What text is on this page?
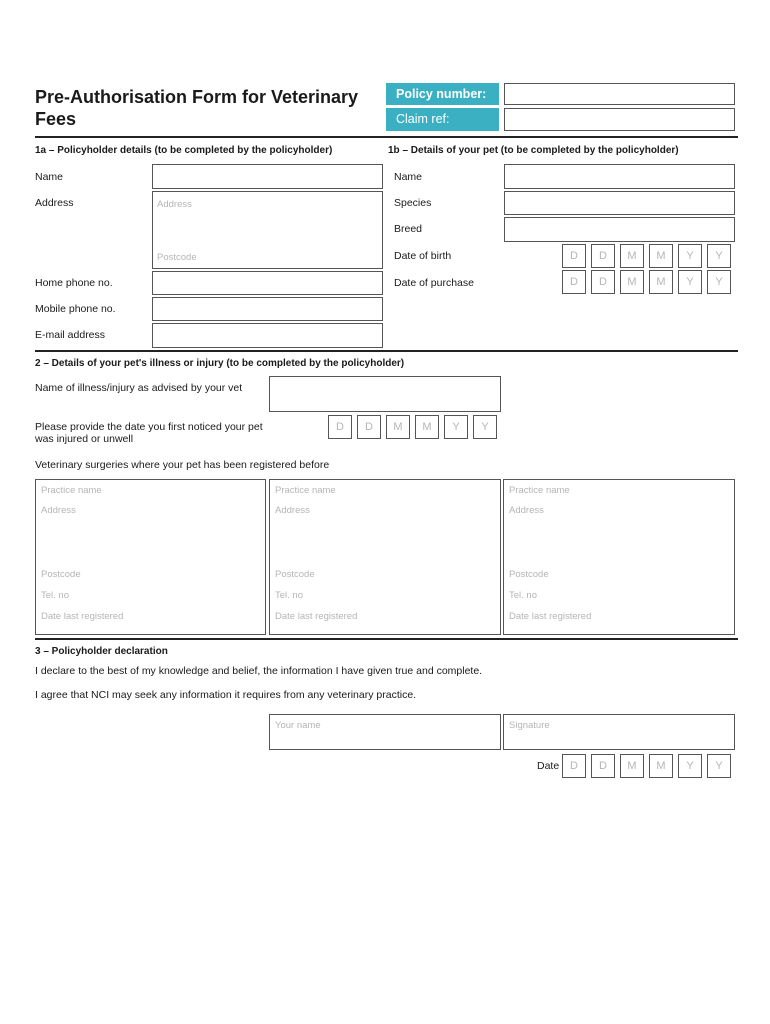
Pre-Authorisation Form for Veterinary Fees
Policy number:
Claim ref:
1a – Policyholder details (to be completed by the policyholder)	1b – Details of your pet (to be completed by the policyholder)
Name
Address	Address
Postcode
Home phone no.
Mobile phone no.
E-mail address
Name
Species
Breed
Date of birth	D	D	M	M	Y	Y
Date of purchase	D	D	M	M	Y	Y
2 – Details of your pet's illness or injury (to be completed by the policyholder)
Name of illness/injury as advised by your vet
Please provide the date you first noticed your pet
was injured or unwell
D	D	M	M	Y	Y
Veterinary surgeries where your pet has been registered before
Practice name
Address
Postcode
Tel. no
Date last registered
Practice name
Address
Postcode
Tel. no
Date last registered
Practice name
Address
Postcode
Tel. no
Date last registered
3 – Policyholder declaration
I declare to the best of my knowledge and belief, the information I have given true and complete.
I agree that NCI may seek any information it requires from any veterinary practice.
Your name	Signature
Date D	D	M	M	Y	Y
